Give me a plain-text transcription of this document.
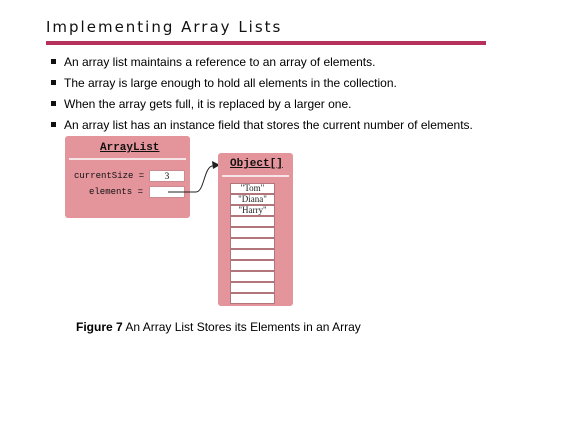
Implementing Array Lists
An array list maintains a reference to an array of elements.
The array is large enough to hold all elements in the collection.
When the array gets full, it is replaced by a larger one.
An array list has an instance field that stores the current number of elements.
ArrayList
currentSize =	3
elements =
Object[]
"Tom"
"Diana"
"Harry"
Figure 7 An Array List Stores its Elements in an Array
